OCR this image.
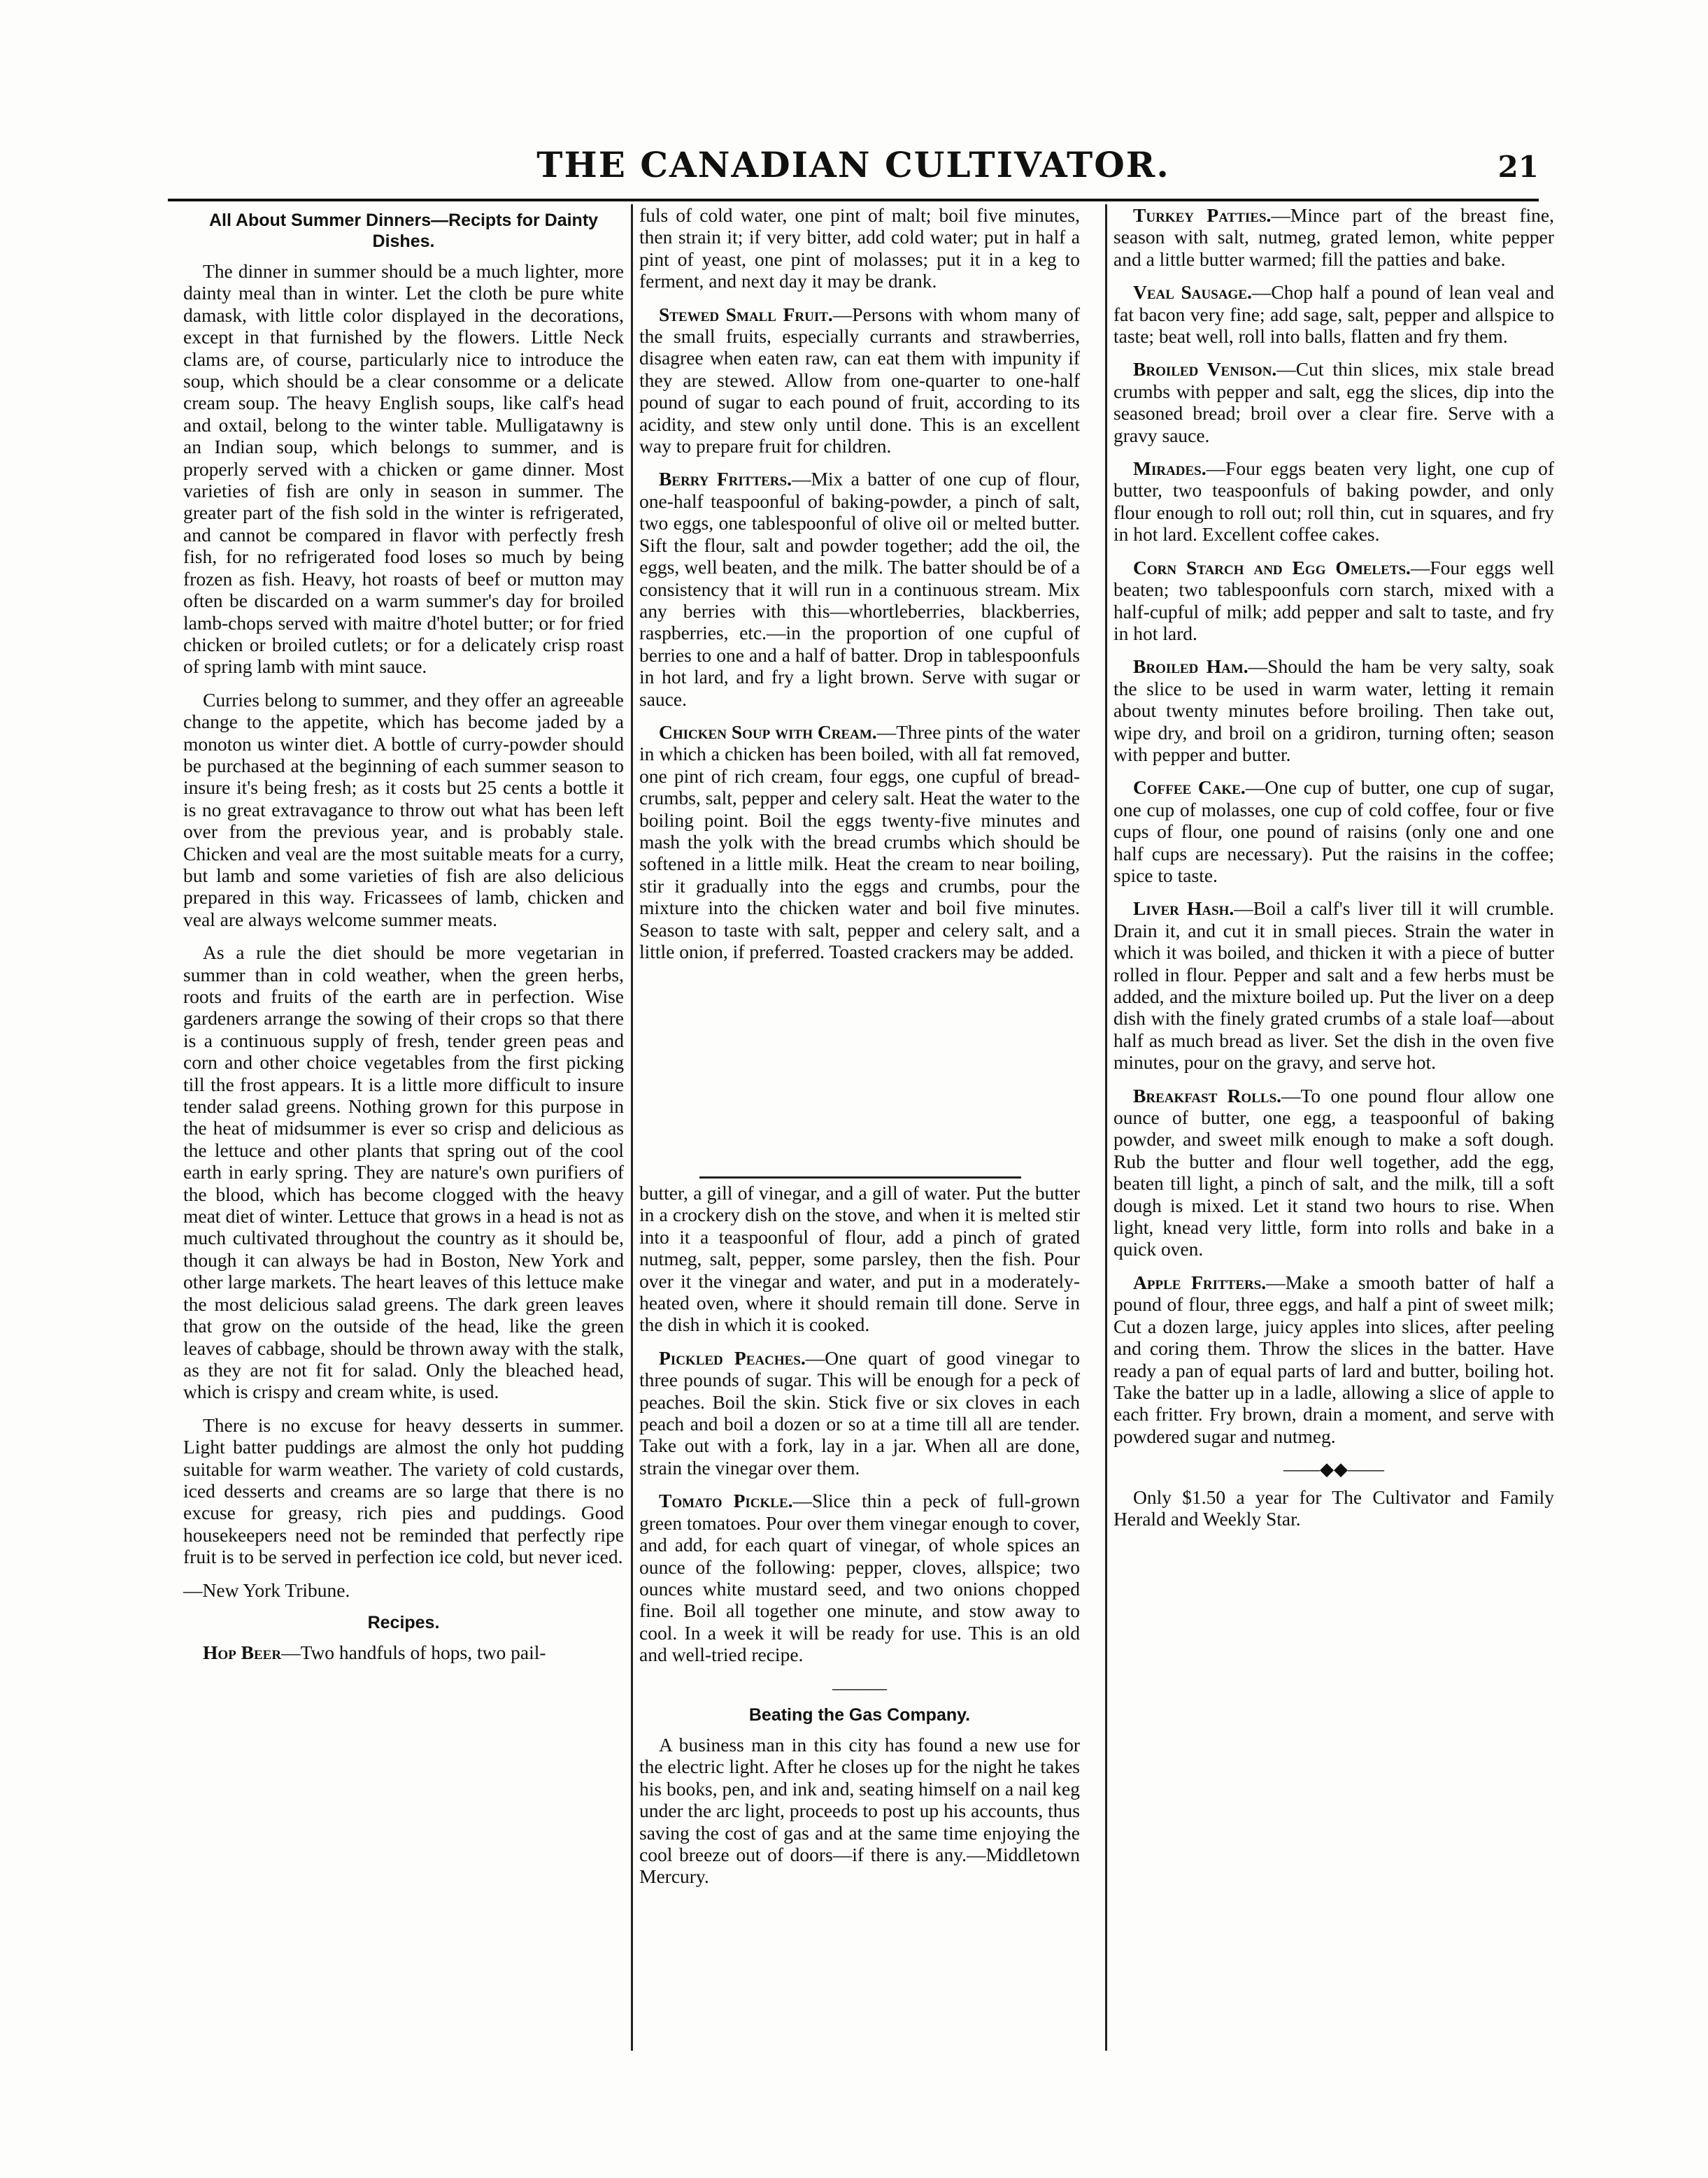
THE CANADIAN CULTIVATOR.	21
All About Summer Dinners—Recipts for Dainty Dishes.

The dinner in summer should be a much lighter, more dainty meal than in winter. Let the cloth be pure white damask, with little color displayed in the decorations, except in that furnished by the flowers. Little Neck clams are, of course, particularly nice to introduce the soup, which should be a clear consomme or a delicate cream soup. The heavy English soups, like calf's head and oxtail, belong to the winter table. Mulligatawny is an Indian soup, which belongs to summer, and is properly served with a chicken or game dinner. Most varieties of fish are only in season in summer. The greater part of the fish sold in the winter is refrigerated, and cannot be compared in flavor with perfectly fresh fish, for no refrigerated food loses so much by being frozen as fish. Heavy, hot roasts of beef or mutton may often be discarded on a warm summer's day for broiled lamb-chops served with maitre d'hotel butter; or for fried chicken or broiled cutlets; or for a delicately crisp roast of spring lamb with mint sauce.

Curries belong to summer, and they offer an agreeable change to the appetite, which has become jaded by a monoton us winter diet. A bottle of curry-powder should be purchased at the beginning of each summer season to insure it's being fresh; as it costs but 25 cents a bottle it is no great extravagance to throw out what has been left over from the previous year, and is probably stale. Chicken and veal are the most suitable meats for a curry, but lamb and some varieties of fish are also delicious prepared in this way. Fricassees of lamb, chicken and veal are always welcome summer meats.

As a rule the diet should be more vegetarian in summer than in cold weather, when the green herbs, roots and fruits of the earth are in perfection. Wise gardeners arrange the sowing of their crops so that there is a continuous supply of fresh, tender green peas and corn and other choice vegetables from the first picking till the frost appears. It is a little more difficult to insure tender salad greens. Nothing grown for this purpose in the heat of midsummer is ever so crisp and delicious as the lettuce and other plants that spring out of the cool earth in early spring. They are nature's own purifiers of the blood, which has become clogged with the heavy meat diet of winter. Lettuce that grows in a head is not as much cultivated throughout the country as it should be, though it can always be had in Boston, New York and other large markets. The heart leaves of this lettuce make the most delicious salad greens. The dark green leaves that grow on the outside of the head, like the green leaves of cabbage, should be thrown away with the stalk, as they are not fit for salad. Only the bleached head, which is crispy and cream white, is used.

There is no excuse for heavy desserts in summer. Light batter puddings are almost the only hot pudding suitable for warm weather. The variety of cold custards, iced desserts and creams are so large that there is no excuse for greasy, rich pies and puddings. Good housekeepers need not be reminded that perfectly ripe fruit is to be served in perfection ice cold, but never iced.

—New York Tribune.

Recipes.

Hop Beer—Two handfuls of hops, two pail-

fuls of cold water, one pint of malt; boil five minutes, then strain it; if very bitter, add cold water; put in half a pint of yeast, one pint of molasses; put it in a keg to ferment, and next day it may be drank.

Stewed Small Fruit.—Persons with whom many of the small fruits, especially currants and strawberries, disagree when eaten raw, can eat them with impunity if they are stewed. Allow from one-quarter to one-half pound of sugar to each pound of fruit, according to its acidity, and stew only until done. This is an excellent way to prepare fruit for children.

Berry Fritters.—Mix a batter of one cup of flour, one-half teaspoonful of baking-powder, a pinch of salt, two eggs, one tablespoonful of olive oil or melted butter. Sift the flour, salt and powder together; add the oil, the eggs, well beaten, and the milk. The batter should be of a consistency that it will run in a continuous stream. Mix any berries with this—whortleberries, blackberries, raspberries, etc.—in the proportion of one cupful of berries to one and a half of batter. Drop in tablespoonfuls in hot lard, and fry a light brown. Serve with sugar or sauce.

Chicken Soup with Cream.—Three pints of the water in which a chicken has been boiled, with all fat removed, one pint of rich cream, four eggs, one cupful of bread-crumbs, salt, pepper and celery salt. Heat the water to the boiling point. Boil the eggs twenty-five minutes and mash the yolk with the bread crumbs which should be softened in a little milk. Heat the cream to near boiling, stir it gradually into the eggs and crumbs, pour the mixture into the chicken water and boil five minutes. Season to taste with salt, pepper and celery salt, and a little onion, if preferred. Toasted crackers may be added.

butter, a gill of vinegar, and a gill of water. Put the butter in a crockery dish on the stove, and when it is melted stir into it a teaspoonful of flour, add a pinch of grated nutmeg, salt, pepper, some parsley, then the fish. Pour over it the vinegar and water, and put in a moderately-heated oven, where it should remain till done. Serve in the dish in which it is cooked.

Pickled Peaches.—One quart of good vinegar to three pounds of sugar. This will be enough for a peck of peaches. Boil the skin. Stick five or six cloves in each peach and boil a dozen or so at a time till all are tender. Take out with a fork, lay in a jar. When all are done, strain the vinegar over them.

Tomato Pickle.—Slice thin a peck of full-grown green tomatoes. Pour over them vinegar enough to cover, and add, for each quart of vinegar, of whole spices an ounce of the following: pepper, cloves, allspice; two ounces white mustard seed, and two onions chopped fine. Boil all together one minute, and stow away to cool. In a week it will be ready for use. This is an old and well-tried recipe.

———
Beating the Gas Company.

A business man in this city has found a new use for the electric light. After he closes up for the night he takes his books, pen, and ink and, seating himself on a nail keg under the arc light, proceeds to post up his accounts, thus saving the cost of gas and at the same time enjoying the cool breeze out of doors—if there is any.—Middletown Mercury.

Turkey Patties.—Mince part of the breast fine, season with salt, nutmeg, grated lemon, white pepper and a little butter warmed; fill the patties and bake.

Veal Sausage.—Chop half a pound of lean veal and fat bacon very fine; add sage, salt, pepper and allspice to taste; beat well, roll into balls, flatten and fry them.

Broiled Venison.—Cut thin slices, mix stale bread crumbs with pepper and salt, egg the slices, dip into the seasoned bread; broil over a clear fire. Serve with a gravy sauce.

Mirades.—Four eggs beaten very light, one cup of butter, two teaspoonfuls of baking powder, and only flour enough to roll out; roll thin, cut in squares, and fry in hot lard. Excellent coffee cakes.

Corn Starch and Egg Omelets.—Four eggs well beaten; two tablespoonfuls corn starch, mixed with a half-cupful of milk; add pepper and salt to taste, and fry in hot lard.

Broiled Ham.—Should the ham be very salty, soak the slice to be used in warm water, letting it remain about twenty minutes before broiling. Then take out, wipe dry, and broil on a gridiron, turning often; season with pepper and butter.

Coffee Cake.—One cup of butter, one cup of sugar, one cup of molasses, one cup of cold coffee, four or five cups of flour, one pound of raisins (only one and one half cups are necessary). Put the raisins in the coffee; spice to taste.

Liver Hash.—Boil a calf's liver till it will crumble. Drain it, and cut it in small pieces. Strain the water in which it was boiled, and thicken it with a piece of butter rolled in flour. Pepper and salt and a few herbs must be added, and the mixture boiled up. Put the liver on a deep dish with the finely grated crumbs of a stale loaf—about half as much bread as liver. Set the dish in the oven five minutes, pour on the gravy, and serve hot.

Breakfast Rolls.—To one pound flour allow one ounce of butter, one egg, a teaspoonful of baking powder, and sweet milk enough to make a soft dough. Rub the butter and flour well together, add the egg, beaten till light, a pinch of salt, and the milk, till a soft dough is mixed. Let it stand two hours to rise. When light, knead very little, form into rolls and bake in a quick oven.

Apple Fritters.—Make a smooth batter of half a pound of flour, three eggs, and half a pint of sweet milk; Cut a dozen large, juicy apples into slices, after peeling and coring them. Throw the slices in the batter. Have ready a pan of equal parts of lard and butter, boiling hot. Take the batter up in a ladle, allowing a slice of apple to each fritter. Fry brown, drain a moment, and serve with powdered sugar and nutmeg.

——◆◆——

Only $1.50 a year for The Cultivator and Family Herald and Weekly Star.
